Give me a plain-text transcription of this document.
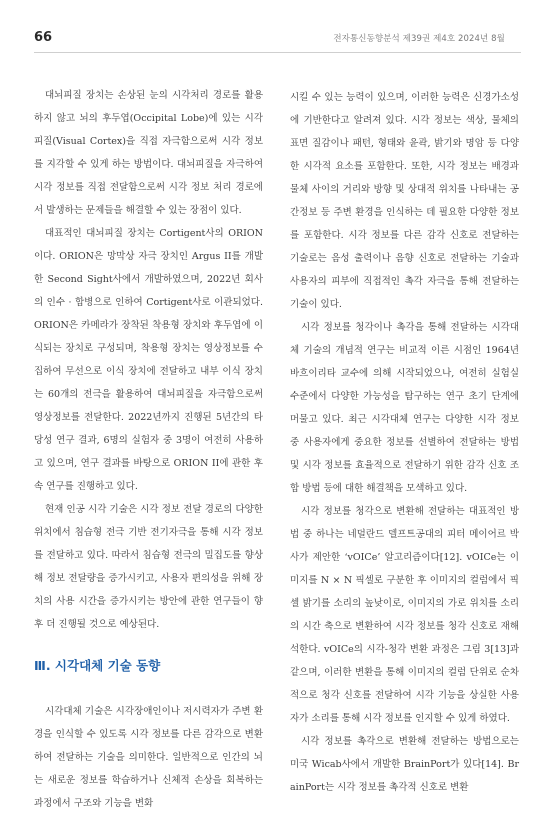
66	전자통신동향분석 제39권 제4호 2024년 8월

대뇌피질 장치는 손상된 눈의 시각처리 경로를 활용하지 않고 뇌의 후두엽(Occipital Lobe)에 있는 시각 피질(Visual Cortex)을 직접 자극함으로써 시각 정보를 지각할 수 있게 하는 방법이다. 대뇌피질을 자극하여 시각 정보를 직접 전달함으로써 시각 정보 처리 경로에서 발생하는 문제들을 해결할 수 있는 장점이 있다.

대표적인 대뇌피질 장치는 Cortigent사의 ORION이다. ORION은 망막상 자극 장치인 Argus II를 개발한 Second Sight사에서 개발하였으며, 2022년 회사의 인수 · 합병으로 인하여 Cortigent사로 이관되었다. ORION은 카메라가 장착된 착용형 장치와 후두엽에 이식되는 장치로 구성되며, 착용형 장치는 영상정보를 수집하여 무선으로 이식 장치에 전달하고 내부 이식 장치는 60개의 전극을 활용하여 대뇌피질을 자극함으로써 영상정보를 전달한다. 2022년까지 진행된 5년간의 타당성 연구 결과, 6명의 실험자 중 3명이 여전히 사용하고 있으며, 연구 결과를 바탕으로 ORION II에 관한 후속 연구를 진행하고 있다.

현재 인공 시각 기술은 시각 정보 전달 경로의 다양한 위치에서 침습형 전극 기반 전기자극을 통해 시각 정보를 전달하고 있다. 따라서 침습형 전극의 밀집도를 향상해 정보 전달량을 증가시키고, 사용자 편의성을 위해 장치의 사용 시간을 증가시키는 방안에 관한 연구들이 향후 더 진행될 것으로 예상된다.

Ⅲ. 시각대체 기술 동향

시각대체 기술은 시각장애인이나 저시력자가 주변 환경을 인식할 수 있도록 시각 정보를 다른 감각으로 변환하여 전달하는 기술을 의미한다. 일반적으로 인간의 뇌는 새로운 정보를 학습하거나 신체적 손상을 회복하는 과정에서 구조와 기능을 변화

시킬 수 있는 능력이 있으며, 이러한 능력은 신경가소성에 기반한다고 알려져 있다. 시각 정보는 색상, 물체의 표면 질감이나 패턴, 형태와 윤곽, 밝기와 명암 등 다양한 시각적 요소를 포함한다. 또한, 시각 정보는 배경과 물체 사이의 거리와 방향 및 상대적 위치를 나타내는 공간정보 등 주변 환경을 인식하는 데 필요한 다양한 정보를 포함한다. 시각 정보를 다른 감각 신호로 전달하는 기술로는 음성 출력이나 음향 신호로 전달하는 기술과 사용자의 피부에 직접적인 촉각 자극을 통해 전달하는 기술이 있다.

시각 정보를 청각이나 촉각을 통해 전달하는 시각대체 기술의 개념적 연구는 비교적 이른 시점인 1964년 바흐이리타 교수에 의해 시작되었으나, 여전히 실험실 수준에서 다양한 가능성을 탐구하는 연구 초기 단계에 머물고 있다. 최근 시각대체 연구는 다양한 시각 정보 중 사용자에게 중요한 정보를 선별하여 전달하는 방법 및 시각 정보를 효율적으로 전달하기 위한 감각 신호 조합 방법 등에 대한 해결책을 모색하고 있다.

시각 정보를 청각으로 변환해 전달하는 대표적인 방법 중 하나는 네덜란드 델프트공대의 피터 메이어르 박사가 제안한 ‘vOICe’ 알고리즘이다[12]. vOICe는 이미지를 N × N 픽셀로 구분한 후 이미지의 컬럼에서 픽셀 밝기를 소리의 높낮이로, 이미지의 가로 위치를 소리의 시간 축으로 변환하여 시각 정보를 청각 신호로 재해석한다. vOICe의 시각-청각 변환 과정은 그림 3[13]과 같으며, 이러한 변환을 통해 이미지의 컬럼 단위로 순차적으로 청각 신호를 전달하여 시각 기능을 상실한 사용자가 소리를 통해 시각 정보를 인지할 수 있게 하였다.

시각 정보를 촉각으로 변환해 전달하는 방법으로는 미국 Wicab사에서 개발한 BrainPort가 있다[14]. BrainPort는 시각 정보를 촉각적 신호로 변환
